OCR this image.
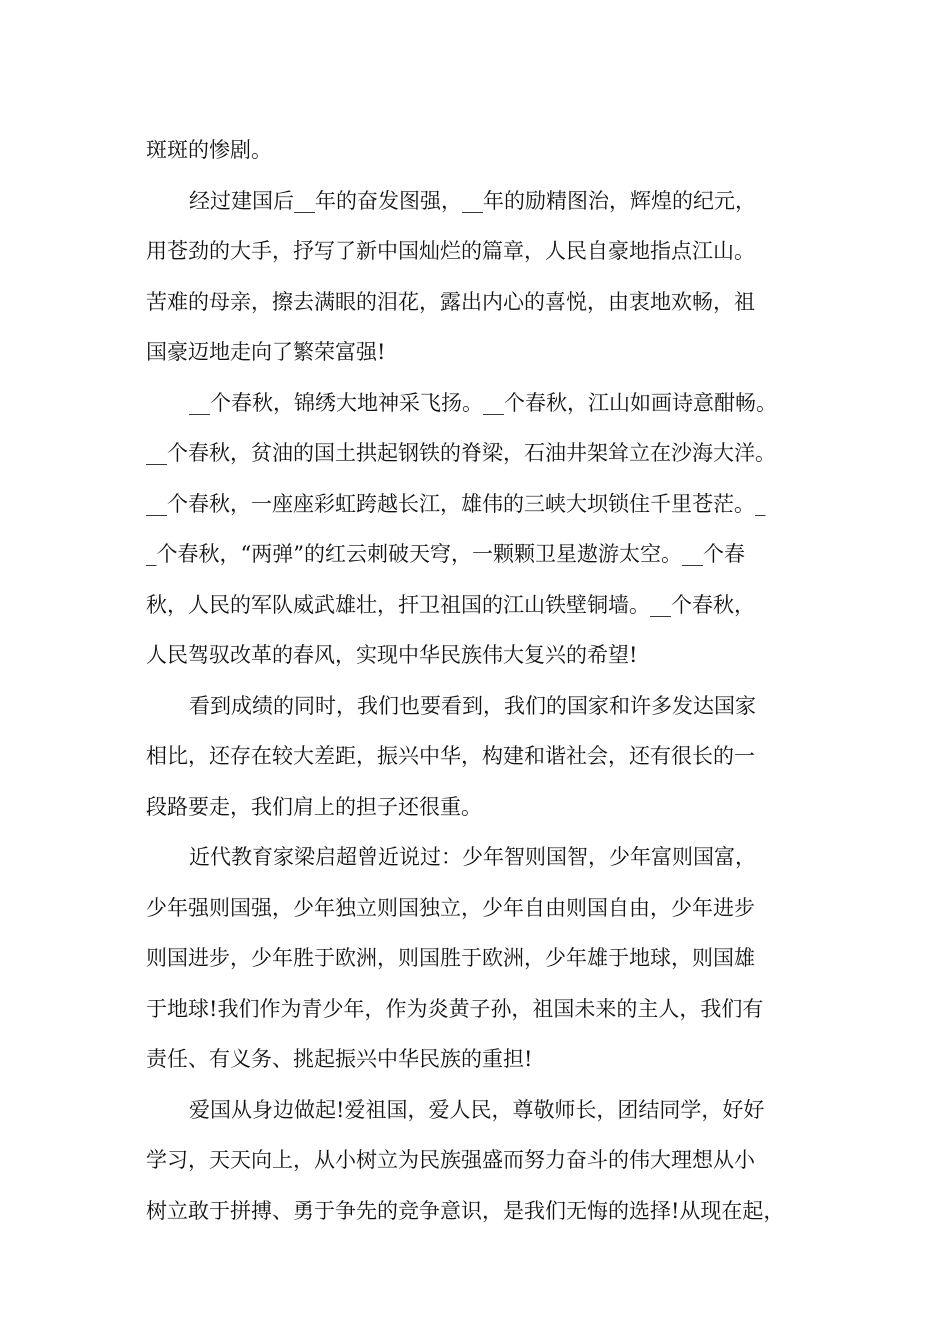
斑斑的惨剧。

经过建国后__年的奋发图强，__年的励精图治，辉煌的纪元，

用苍劲的大手，抒写了新中国灿烂的篇章，人民自豪地指点江山。

苦难的母亲，擦去满眼的泪花，露出内心的喜悦，由衷地欢畅，祖

国豪迈地走向了繁荣富强!

__个春秋，锦绣大地神采飞扬。__个春秋，江山如画诗意酣畅。

__个春秋，贫油的国土拱起钢铁的脊梁，石油井架耸立在沙海大洋。

__个春秋，一座座彩虹跨越长江，雄伟的三峡大坝锁住千里苍茫。_

_个春秋，“两弹”的红云刺破天穹，一颗颗卫星遨游太空。__个春

秋，人民的军队威武雄壮，扞卫祖国的江山铁壁铜墙。__个春秋，

人民驾驭改革的春风，实现中华民族伟大复兴的希望!

看到成绩的同时，我们也要看到，我们的国家和许多发达国家

相比，还存在较大差距，振兴中华，构建和谐社会，还有很长的一

段路要走，我们肩上的担子还很重。

近代教育家梁启超曾近说过：少年智则国智，少年富则国富，

少年强则国强，少年独立则国独立，少年自由则国自由，少年进步

则国进步，少年胜于欧洲，则国胜于欧洲，少年雄于地球，则国雄

于地球!我们作为青少年，作为炎黄子孙，祖国未来的主人，我们有

责任、有义务、挑起振兴中华民族的重担!

爱国从身边做起!爱祖国，爱人民，尊敬师长，团结同学，好好

学习，天天向上，从小树立为民族强盛而努力奋斗的伟大理想从小

树立敢于拼搏、勇于争先的竞争意识，是我们无悔的选择!从现在起，
